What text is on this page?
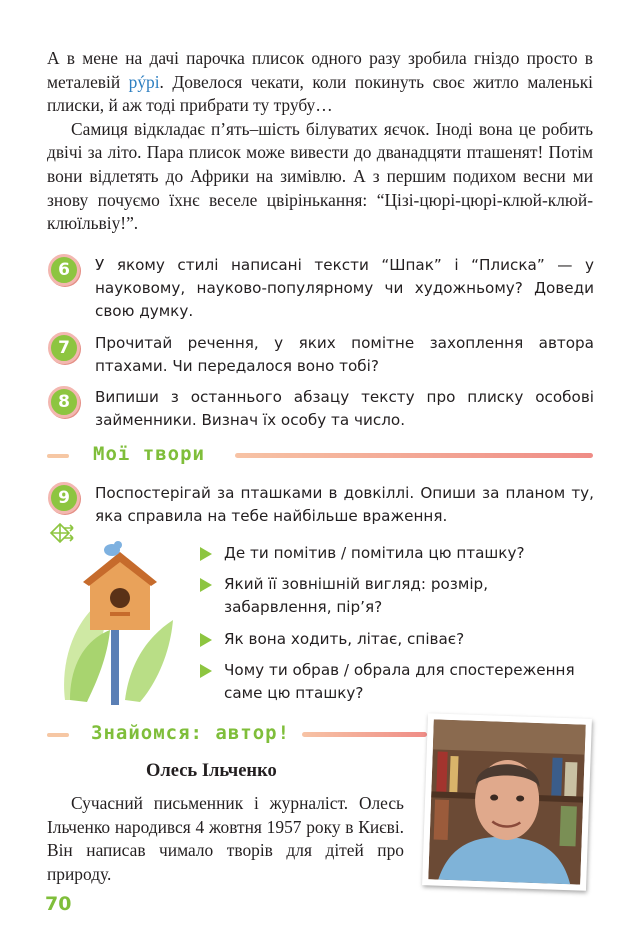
А в мене на дачі парочка плисок одного разу зробила гніздо просто в металевій рýрі. Довелося чекати, коли покинуть своє житло маленькі плиски, й аж тоді прибрати ту трубу…

Самиця відкладає п’ять–шість білуватих яєчок. Іноді вона це робить двічі за літо. Пара плисок може вивести до дванадцяти пташенят! Потім вони відлетять до Африки на зимівлю. А з першим подихом весни ми знову почуємо їхнє веселе цвірінькання: “Цізі-цюрі-цюрі-клюй-клюй-клюїльвіу!”.

6	У якому стилі написані тексти “Шпак” і “Плиска” — у науковому, науково-популярному чи художньому? Доведи свою думку.
7	Прочитай речення, у яких помітне захоплення автора птахами. Чи передалося воно тобі?
8	Випиши з останнього абзацу тексту про плиску особові займенники. Визнач їх особу та число.
Мої твори
9	Поспостерігай за пташками в довкіллі. Опиши за планом ту, яка справила на тебе найбільше враження.
Де ти помітив / помітила цю пташку?
Який її зовнішній вигляд: розмір, забарвлення, пір’я?
Як вона ходить, літає, співає?
Чому ти обрав / обрала для спостереження саме цю пташку?
Знайомся: автор!
Олесь Ільченко
Сучасний письменник і журналіст. Олесь Ільченко народився 4 жовтня 1957 року в Києві. Він написав чимало творів для дітей про природу.
70
